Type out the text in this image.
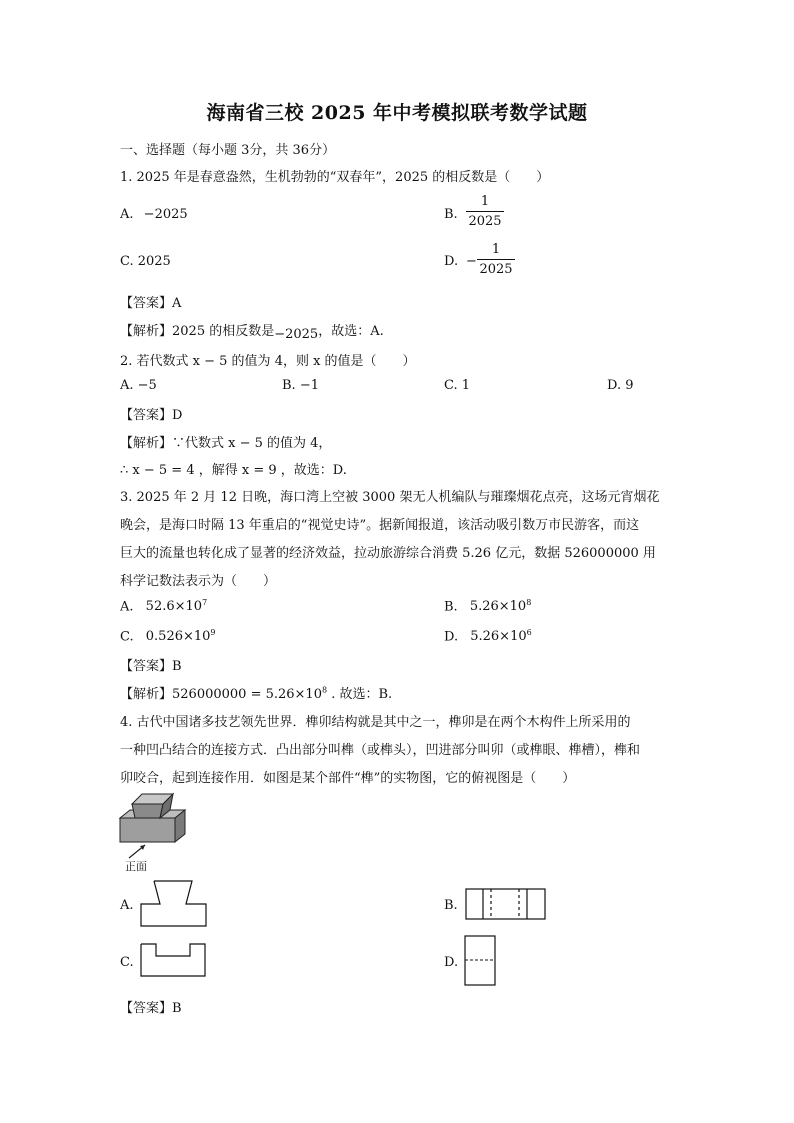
海南省三校 2025 年中考模拟联考数学试题
一、选择题（每小题 3分，共 36分）
1. 2025 年是春意盎然，生机勃勃的“双春年”，2025 的相反数是（　　）
A. −2025	B.
1
2025
C. 2025	D. −
1
2025
【答案】A
【解析】2025 的相反数是−2025，故选：A.
2. 若代数式 x − 5 的值为 4，则 x 的值是（　　）
A. −5	B. −1	C. 1	D. 9
【答案】D
【解析】∵代数式 x − 5 的值为 4，
∴ x − 5 = 4 ，解得 x = 9 ，故选：D.
3. 2025 年 2 月 12 日晚，海口湾上空被 3000 架无人机编队与璀璨烟花点亮，这场元宵烟花
晚会，是海口时隔 13 年重启的“视觉史诗”。据新闻报道，该活动吸引数万市民游客，而这
巨大的流量也转化成了显著的经济效益，拉动旅游综合消费 5.26 亿元，数据 526000000 用
科学记数法表示为（　　）
A. $52.6\times 10^7$	B. $5.26\times 10^8$
C. $0.526\times 10^9$	D. $5.26\times 10^6$
【答案】B
【解析】$526000000 = 5.26\times 10^8$ . 故选：B.
4. 古代中国诸多技艺领先世界．榫卯结构就是其中之一，榫卯是在两个木构件上所采用的
一种凹凸结合的连接方式．凸出部分叫榫（或榫头），凹进部分叫卯（或榫眼、榫槽），榫和
卯咬合，起到连接作用．如图是某个部件“榫”的实物图，它的俯视图是（　　）
正面
A.	B.
C.	D.
【答案】B
